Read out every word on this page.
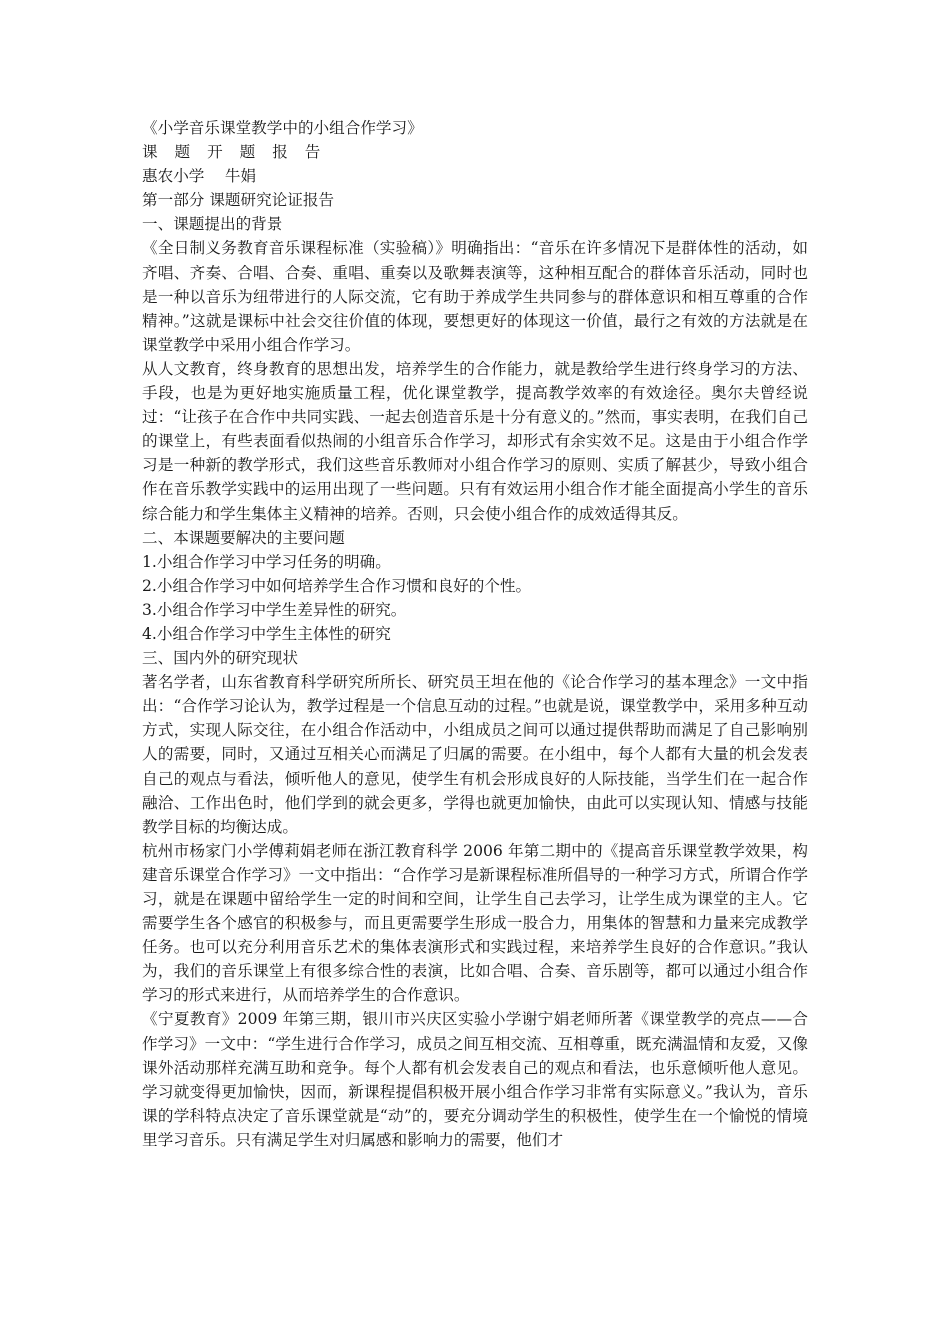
《小学音乐课堂教学中的小组合作学习》

课 题 开 题 报 告

惠农小学　 牛娟

第一部分 课题研究论证报告

一、课题提出的背景

《全日制义务教育音乐课程标准（实验稿）》明确指出：“音乐在许多情况下是群体性的活动，如齐唱、齐奏、合唱、合奏、重唱、重奏以及歌舞表演等，这种相互配合的群体音乐活动，同时也是一种以音乐为纽带进行的人际交流，它有助于养成学生共同参与的群体意识和相互尊重的合作精神。”这就是课标中社会交往价值的体现，要想更好的体现这一价值，最行之有效的方法就是在课堂教学中采用小组合作学习。

从人文教育，终身教育的思想出发，培养学生的合作能力，就是教给学生进行终身学习的方法、手段，也是为更好地实施质量工程，优化课堂教学，提高教学效率的有效途径。奥尔夫曾经说过：“让孩子在合作中共同实践、一起去创造音乐是十分有意义的。”然而，事实表明，在我们自己的课堂上，有些表面看似热闹的小组音乐合作学习，却形式有余实效不足。这是由于小组合作学习是一种新的教学形式，我们这些音乐教师对小组合作学习的原则、实质了解甚少，导致小组合作在音乐教学实践中的运用出现了一些问题。只有有效运用小组合作才能全面提高小学生的音乐综合能力和学生集体主义精神的培养。否则，只会使小组合作的成效适得其反。

二、本课题要解决的主要问题

1.小组合作学习中学习任务的明确。

2.小组合作学习中如何培养学生合作习惯和良好的个性。

3.小组合作学习中学生差异性的研究。

4.小组合作学习中学生主体性的研究

三、国内外的研究现状

著名学者，山东省教育科学研究所所长、研究员王坦在他的《论合作学习的基本理念》一文中指出：“合作学习论认为，教学过程是一个信息互动的过程。”也就是说，课堂教学中，采用多种互动方式，实现人际交往，在小组合作活动中，小组成员之间可以通过提供帮助而满足了自己影响别人的需要，同时，又通过互相关心而满足了归属的需要。在小组中，每个人都有大量的机会发表自己的观点与看法，倾听他人的意见，使学生有机会形成良好的人际技能，当学生们在一起合作融洽、工作出色时，他们学到的就会更多，学得也就更加愉快，由此可以实现认知、情感与技能教学目标的均衡达成。

杭州市杨家门小学傅莉娟老师在浙江教育科学 2006 年第二期中的《提高音乐课堂教学效果，构建音乐课堂合作学习》一文中指出：“合作学习是新课程标准所倡导的一种学习方式，所谓合作学习，就是在课题中留给学生一定的时间和空间，让学生自己去学习，让学生成为课堂的主人。它需要学生各个感官的积极参与，而且更需要学生形成一股合力，用集体的智慧和力量来完成教学任务。也可以充分利用音乐艺术的集体表演形式和实践过程，来培养学生良好的合作意识。”我认为，我们的音乐课堂上有很多综合性的表演，比如合唱、合奏、音乐剧等，都可以通过小组合作学习的形式来进行，从而培养学生的合作意识。

《宁夏教育》2009 年第三期，银川市兴庆区实验小学谢宁娟老师所著《课堂教学的亮点——合作学习》一文中：“学生进行合作学习，成员之间互相交流、互相尊重，既充满温情和友爱，又像课外活动那样充满互助和竞争。每个人都有机会发表自己的观点和看法，也乐意倾听他人意见。学习就变得更加愉快，因而，新课程提倡积极开展小组合作学习非常有实际意义。”我认为，音乐课的学科特点决定了音乐课堂就是“动”的，要充分调动学生的积极性，使学生在一个愉悦的情境里学习音乐。只有满足学生对归属感和影响力的需要，他们才
